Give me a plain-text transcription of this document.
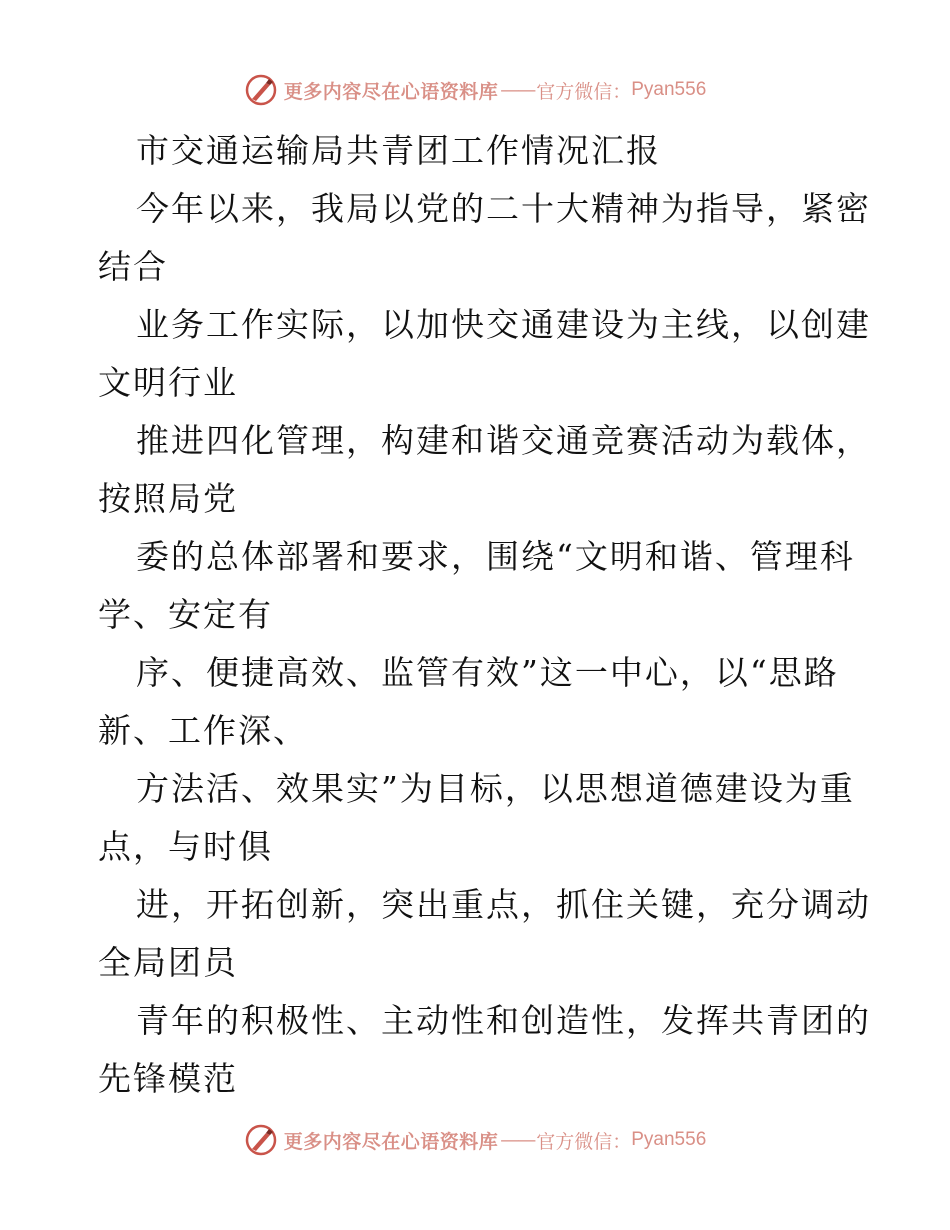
更多内容尽在心语资料库 —— 官方微信： Pyan556
市交通运输局共青团工作情况汇报
今年以来，我局以党的二十大精神为指导，紧密
结合
业务工作实际，以加快交通建设为主线，以创建
文明行业
推进四化管理，构建和谐交通竞赛活动为载体，
按照局党
委的总体部署和要求，围绕“文明和谐、管理科
学、安定有
序、便捷高效、监管有效”这一中心，以“思路
新、工作深、
方法活、效果实”为目标，以思想道德建设为重
点，与时俱
进，开拓创新，突出重点，抓住关键，充分调动
全局团员
青年的积极性、主动性和创造性，发挥共青团的
先锋模范
更多内容尽在心语资料库 —— 官方微信： Pyan556
